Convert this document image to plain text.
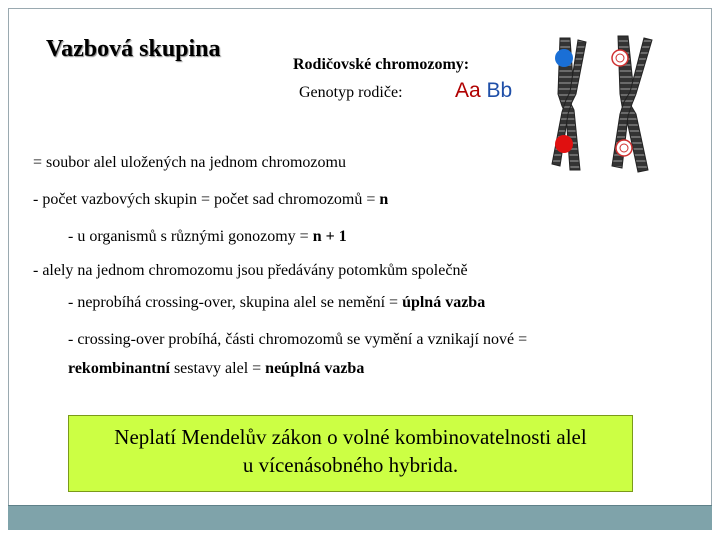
Vazbová skupina
Rodičovské chromozomy:
Genotyp rodiče: Aa Bb
= soubor alel uložených na jednom chromozomu
- počet vazbových skupin = počet sad chromozomů = n
- u organismů s různými gonozomy = n + 1
- alely na jednom chromozomu jsou předávány potomkům společně
- neprobíhá crossing-over, skupina alel se nemění = úplná vazba
- crossing-over probíhá, části chromozomů se vymění a vznikají nové =
rekombinantní sestavy alel = neúplná vazba
Neplatí Mendelův zákon o volné kombinovatelnosti alel
u vícenásobného hybrida.
